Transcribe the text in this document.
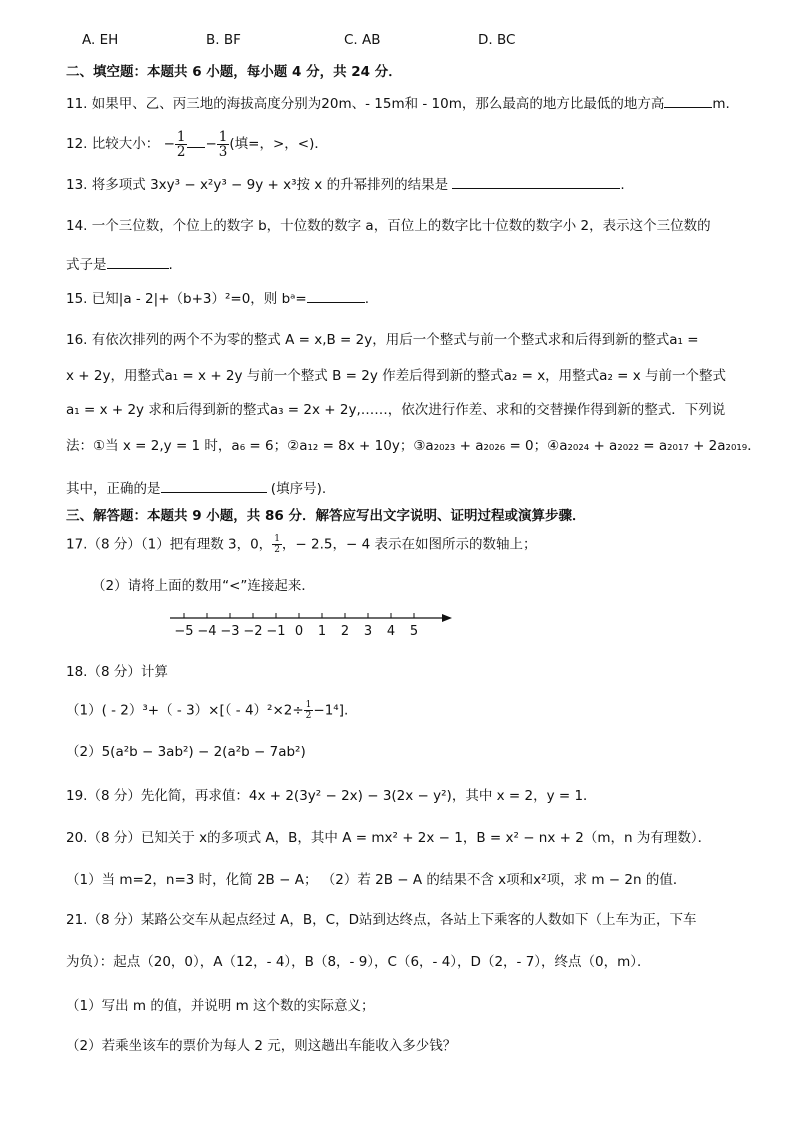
A. EH	B. BF	C. AB	D. BC
二、填空题：本题共 6 小题，每小题 4 分，共 24 分．
11. 如果甲、乙、丙三地的海拔高度分别为20m、- 15m和 - 10m，那么最高的地方比最低的地方高	m.
12. 比较大小： − $\frac{1}{2} - \frac{1}{3}$ (填=，>，<)．
13. 将多项式 3xy³ − x²y³ − 9y + x³按 x 的升幂排列的结果是	.
14. 一个三位数，个位上的数字 b，十位数的数字 a，百位上的数字比十位数的数字小 2，表示这个三位数的
式子是	.
15. 已知|a - 2|+（b+3）²=0，则 bᵃ=	.
16. 有依次排列的两个不为零的整式 A = x,B = 2y，用后一个整式与前一个整式求和后得到新的整式a₁ =
x + 2y，用整式a₁ = x + 2y 与前一个整式 B = 2y 作差后得到新的整式a₂ = x，用整式a₂ = x 与前一个整式
a₁ = x + 2y 求和后得到新的整式a₃ = 2x + 2y,……，依次进行作差、求和的交替操作得到新的整式．下列说
法：①当 x = 2,y = 1 时，a₆ = 6；②a₁₂ = 8x + 10y；③a₂₀₂₃ + a₂₀₂₆ = 0；④a₂₀₂₄ + a₂₀₂₂ = a₂₀₁₇ + 2a₂₀₁₉．
其中，正确的是	(填序号).
三、解答题：本题共 9 小题，共 86 分．解答应写出文字说明、证明过程或演算步骤．
17.（8 分）（1）把有理数 3，0， $\frac{1}{2}$ ，− 2.5，− 4 表示在如图所示的数轴上；
（2）请将上面的数用“<”连接起来．
−5 −4 −3 −2 −1 0 1 2 3 4 5
18.（8 分）计算
$(1)( - 2)^3+( - 3)\times[( - 4)^2\times 2\div \frac{1}{2} -1^4]$.
（2）5(a²b − 3ab²) − 2(a²b − 7ab²)
19.（8 分）先化简，再求值：4x + 2(3y² − 2x) − 3(2x − y²)，其中 x = 2，y = 1．
20.（8 分）已知关于 x的多项式 A，B，其中 A = mx² + 2x − 1，B = x² − nx + 2（m，n 为有理数）．
（1）当 m=2，n=3 时，化简 2B − A； （2）若 2B − A 的结果不含 x项和x²项，求 m − 2n 的值．
21.（8 分）某路公交车从起点经过 A，B，C，D站到达终点，各站上下乘客的人数如下（上车为正，下车
为负）：起点（20，0），A（12，- 4），B（8，- 9），C（6，- 4），D（2，- 7），终点（0，m）．
（1）写出 m 的值，并说明 m 这个数的实际意义；
（2）若乘坐该车的票价为每人 2 元，则这趟出车能收入多少钱？
